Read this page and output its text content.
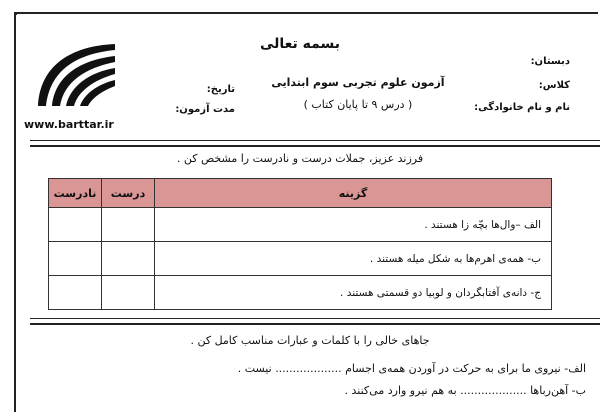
بسمه تعالی
آزمون علوم تجربی سوم ابتدایی
( درس ۹ تا پایان کتاب )
دبستان:
کلاس:
نام و نام خانوادگی:
تاریخ:
مدت آزمون:
www.barttar.ir
فرزند عزیز، جملات درست و نادرست را مشخص کن .
گزینه	درست	نادرست
الف –وال‌ها بچّه زا هستند .		
ب- همه‌ی اهرم‌ها به شکل میله هستند .		
ج- دانه‌ی آفتابگردان و لوبیا دو قسمتی هستند .		
جاهای خالی را با کلمات و عبارات مناسب کامل کن .
الف- نیروی ما برای به حرکت در آوردن همه‌ی اجسام ................... نیست .
ب- آهن‌رباها ................... به هم نیرو وارد می‌کنند .
